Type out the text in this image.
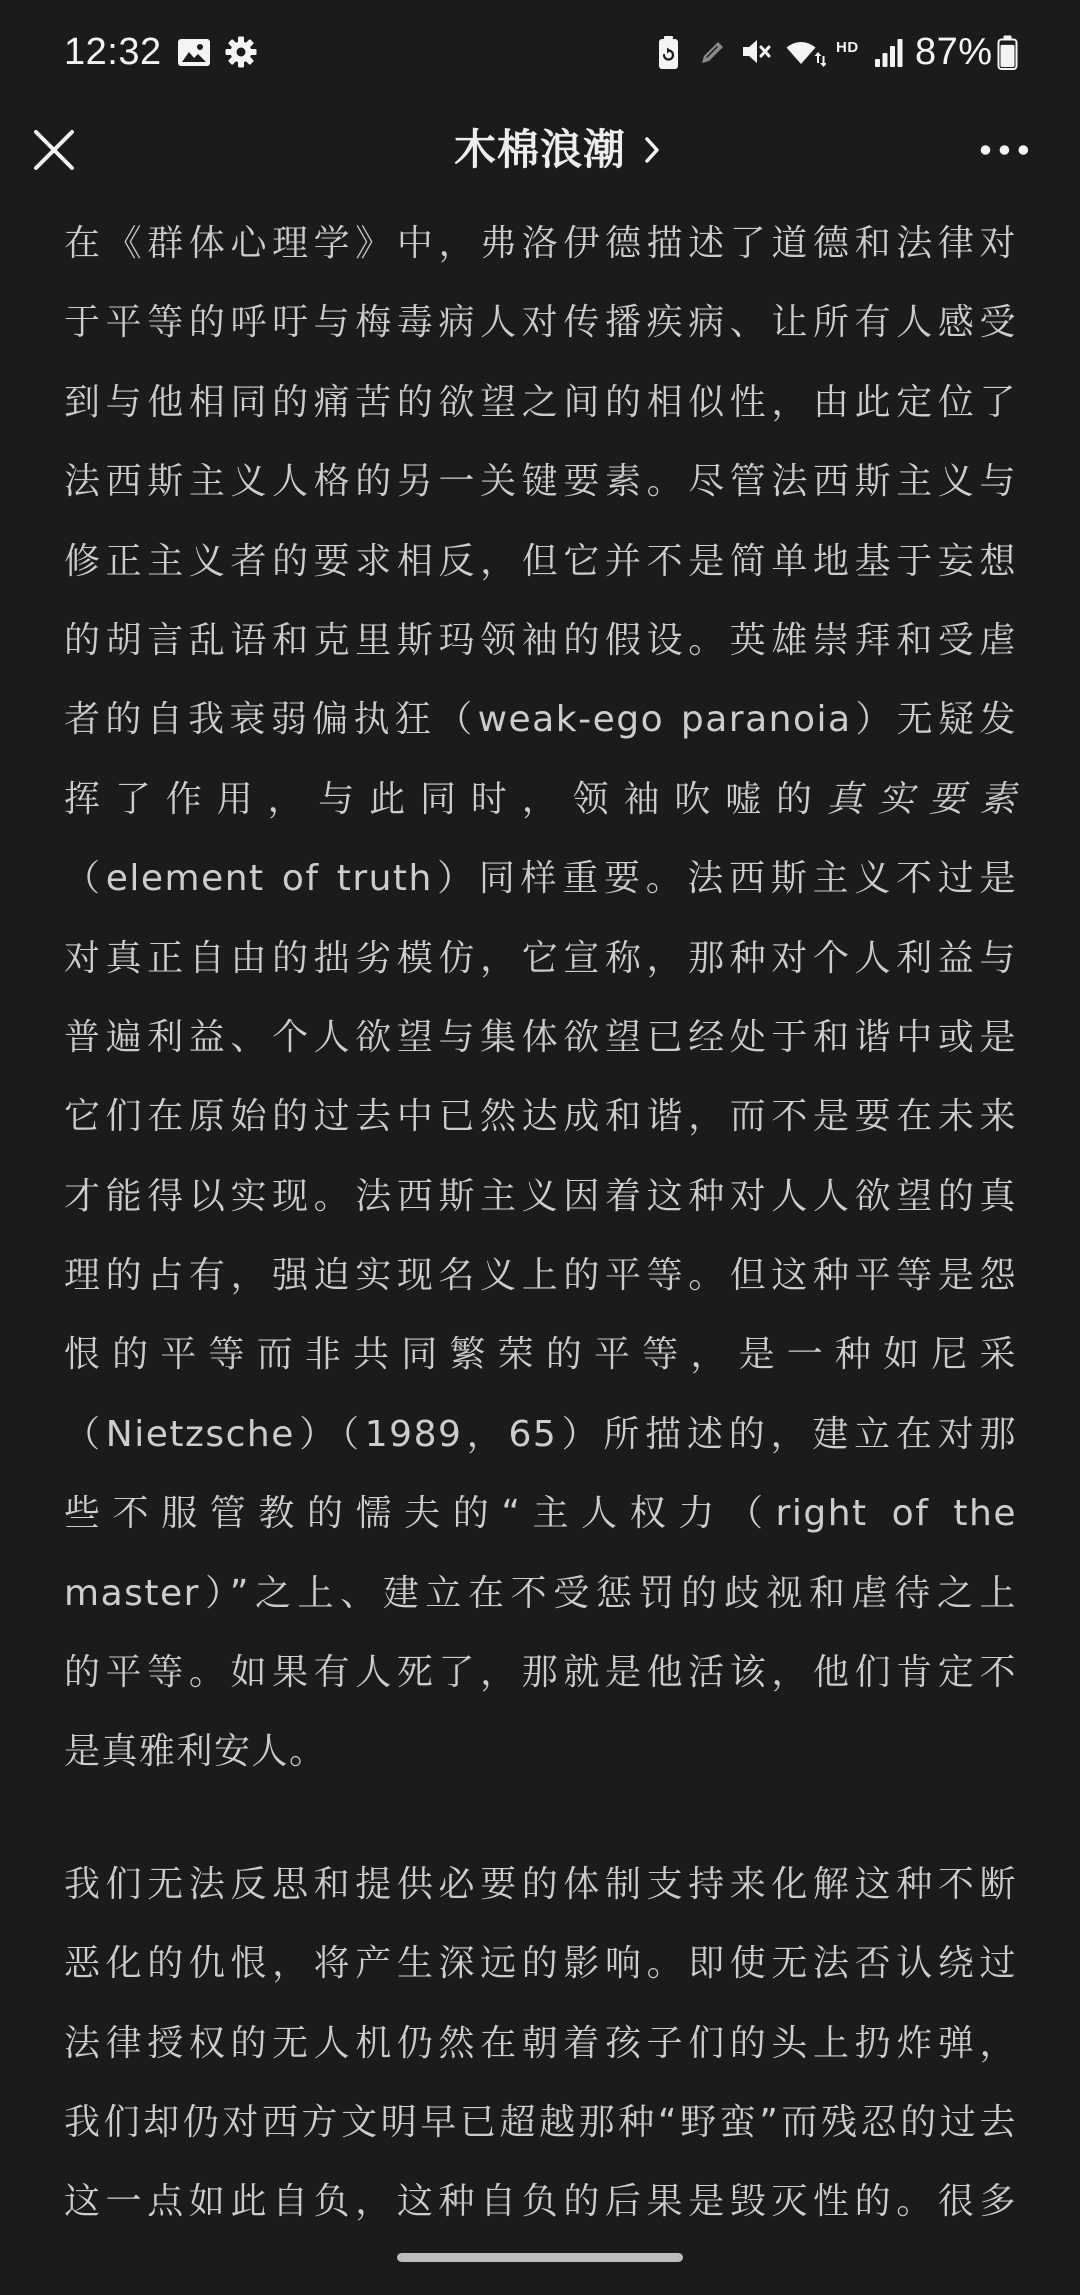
12:32	HD 87%
木棉浪潮
在《群体心理学》中，弗洛伊德描述了道德和法律对
于平等的呼吁与梅毒病人对传播疾病、让所有人感受
到与他相同的痛苦的欲望之间的相似性，由此定位了
法西斯主义人格的另一关键要素。尽管法西斯主义与
修正主义者的要求相反，但它并不是简单地基于妄想
的胡言乱语和克里斯玛领袖的假设。英雄崇拜和受虐
者的自我衰弱偏执狂（weak-ego paranoia）无疑发
挥了作用，与此同时，领袖吹嘘的真实要素
（element of truth）同样重要。法西斯主义不过是
对真正自由的拙劣模仿，它宣称，那种对个人利益与
普遍利益、个人欲望与集体欲望已经处于和谐中或是
它们在原始的过去中已然达成和谐，而不是要在未来
才能得以实现。法西斯主义因着这种对人人欲望的真
理的占有，强迫实现名义上的平等。但这种平等是怨
恨的平等而非共同繁荣的平等，是一种如尼采
（Nietzsche）（1989，65）所描述的，建立在对那
些不服管教的懦夫的“主人权力（right of the
master）”之上、建立在不受惩罚的歧视和虐待之上
的平等。如果有人死了，那就是他活该，他们肯定不
是真雅利安人。
我们无法反思和提供必要的体制支持来化解这种不断
恶化的仇恨，将产生深远的影响。即使无法否认绕过
法律授权的无人机仍然在朝着孩子们的头上扔炸弹，
我们却仍对西方文明早已超越那种“野蛮”而残忍的过去
这一点如此自负，这种自负的后果是毁灭性的。很多
